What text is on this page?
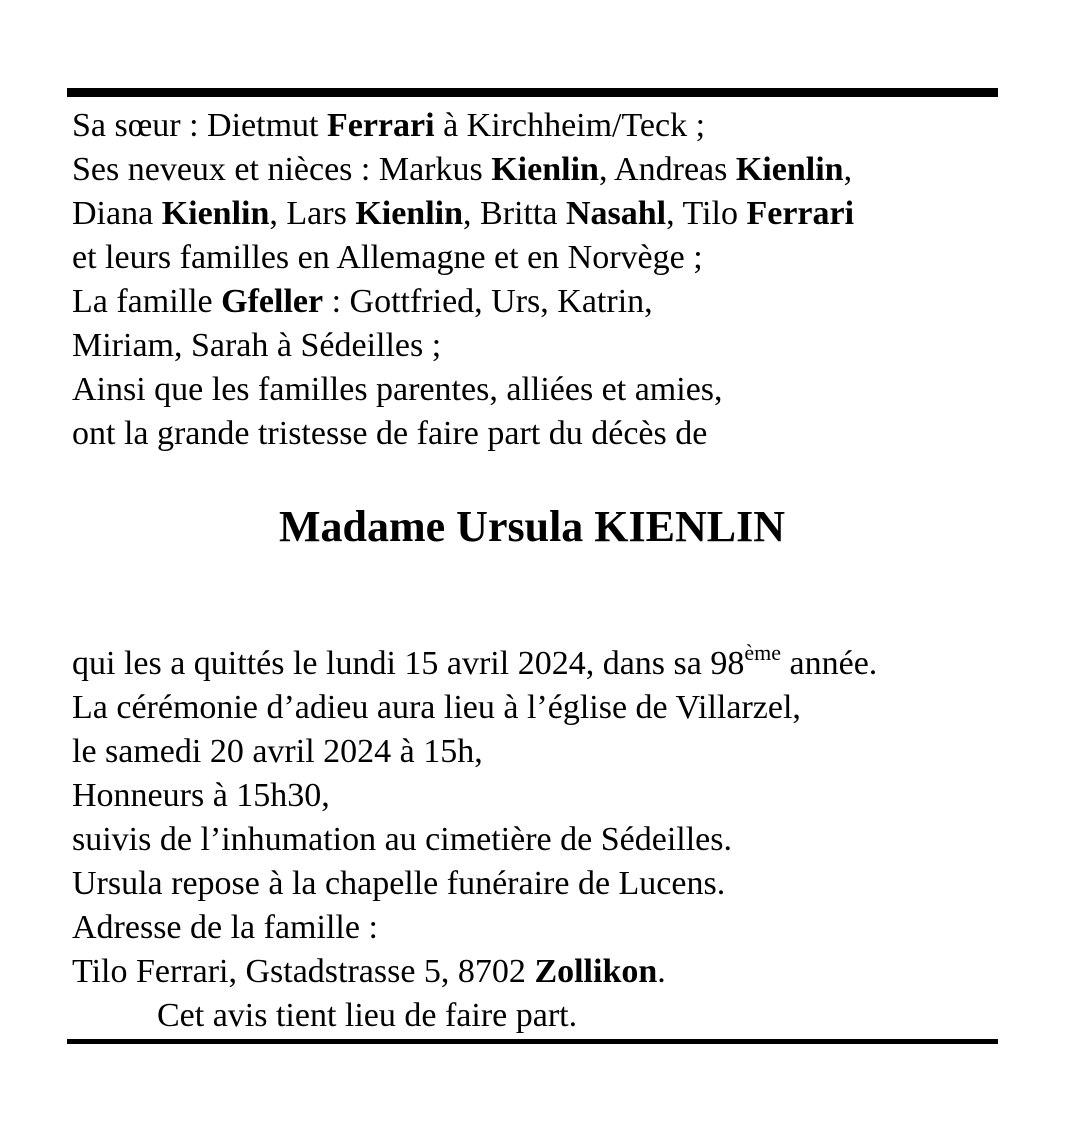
Sa sœur : Dietmut Ferrari à Kirchheim/Teck ;
Ses neveux et nièces : Markus Kienlin, Andreas Kienlin,
Diana Kienlin, Lars Kienlin, Britta Nasahl, Tilo Ferrari
et leurs familles en Allemagne et en Norvège ;
La famille Gfeller : Gottfried, Urs, Katrin,
Miriam, Sarah à Sédeilles ;
Ainsi que les familles parentes, alliées et amies,
ont la grande tristesse de faire part du décès de
Madame Ursula KIENLIN
qui les a quittés le lundi 15 avril 2024, dans sa 98ème année.
La cérémonie d’adieu aura lieu à l’église de Villarzel,
le samedi 20 avril 2024 à 15h,
Honneurs à 15h30,
suivis de l’inhumation au cimetière de Sédeilles.
Ursula repose à la chapelle funéraire de Lucens.
Adresse de la famille :
Tilo Ferrari, Gstadstrasse 5, 8702 Zollikon.
Cet avis tient lieu de faire part.
